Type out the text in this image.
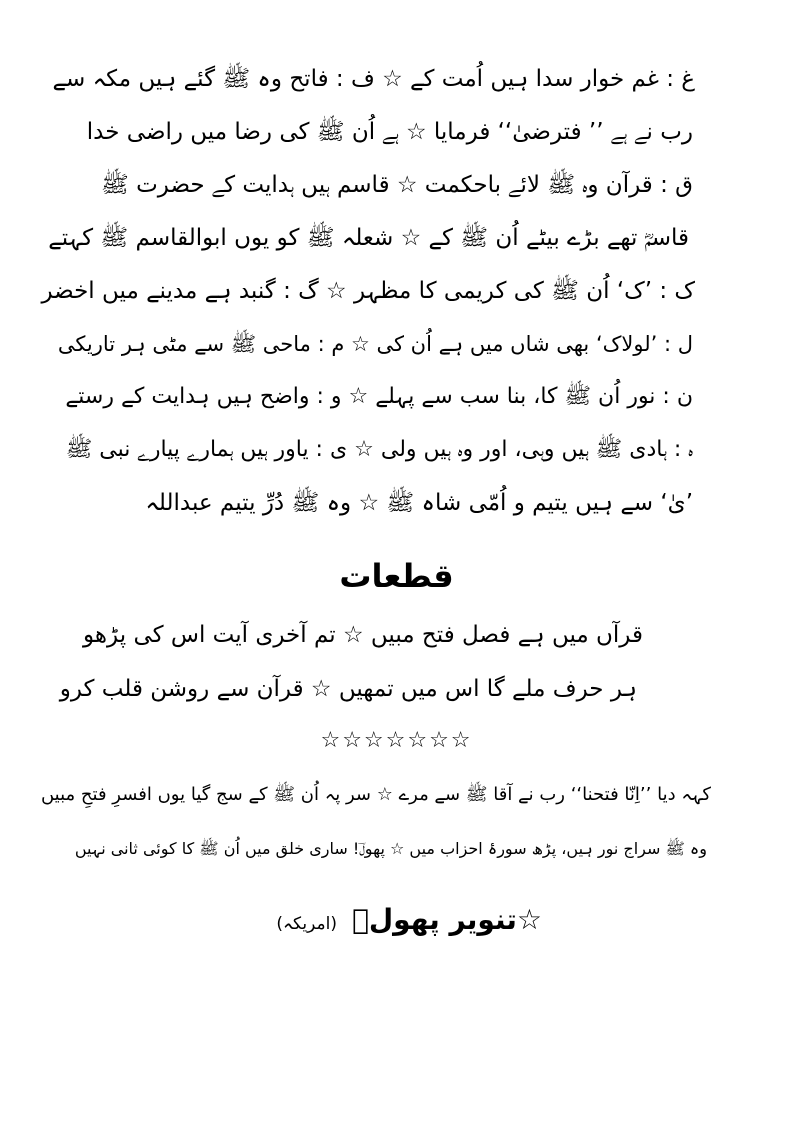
غ : غم خوار سدا ہیں اُمت کے ☆ ف : فاتح وہ ﷺ گئے ہیں مکہ سے
رب نے ہے ’’ فترضیٰ‘‘ فرمایا ☆ ہے اُن ﷺ کی رضا میں راضی خدا
ق : قرآن وہ ﷺ لائے باحکمت ☆ قاسم ہیں ہدایت کے حضرت ﷺ
قاسمؓ تھے بڑے بیٹے اُن ﷺ کے ☆ شعلہ ﷺ کو یوں ابوالقاسم ﷺ کہتے
ک : ’ک‘ اُن ﷺ کی کریمی کا مظہر ☆ گ : گنبد ہے مدینے میں اخضر
ل : ’لولاک‘ بھی شاں میں ہے اُن کی ☆ م : ماحی ﷺ سے مٹی ہر تاریکی
ن : نور اُن ﷺ کا، بنا سب سے پہلے ☆ و : واضح ہیں ہدایت کے رستے
ہ : ہادی ﷺ ہیں وہی، اور وہ ہیں ولی ☆ ی : یاور ہیں ہمارے پیارے نبی ﷺ
’یٰ‘ سے ہیں یتیم و اُمّی شاہ ﷺ ☆ وہ ﷺ دُرِّ یتیم عبداللہ
قطعات
قرآں میں ہے فصل فتح مبیں ☆ تم آخری آیت اس کی پڑھو
ہر حرف ملے گا اس میں تمھیں ☆ قرآن سے روشن قلب کرو
☆☆☆☆☆☆☆
کہہ دیا ’’اِنّا فتحنا‘‘ رب نے آقا ﷺ سے مرے ☆ سر پہ اُن ﷺ کے سج گیا یوں افسرِ فتحِ مبیں
وہ ﷺ سراج نور ہیں، پڑھ سورۂ احزاب میں ☆ پھولؔ! ساری خلق میں اُن ﷺ کا کوئی ثانی نہیں
☆تنویر پھولؔ (امریکہ)
